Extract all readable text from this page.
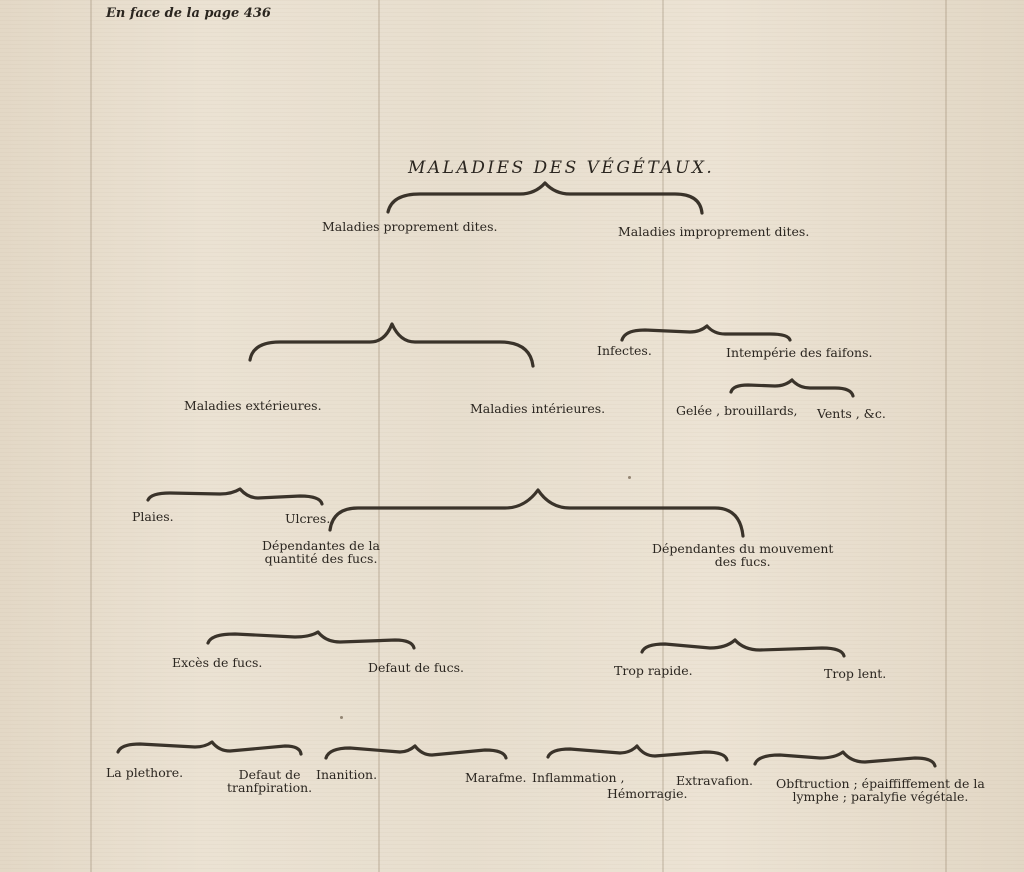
En face de la page 436
MALADIES DES VÉGÉTAUX.
Maladies proprement dites.	Maladies improprement dites.
Maladies extérieures.	Maladies intérieures.
Infectes.	Intempérie des faifons.
Gelée , brouillards, Vents , &c.
Plaies.	Ulcres.
Dépendantes de la
quantité des fucs.
Dépendantes du mouvement
des fucs.
Excès de fucs.	Defaut de fucs.	Trop rapide.	Trop lent.
La plethore.	Defaut de
tranfpiration.
Inanition.	Marafme. Inflammation ,
Hémorragie.
Extravafion. Obftruction ; épaiffiffement de la
lymphe ; paralyfie végétale.
